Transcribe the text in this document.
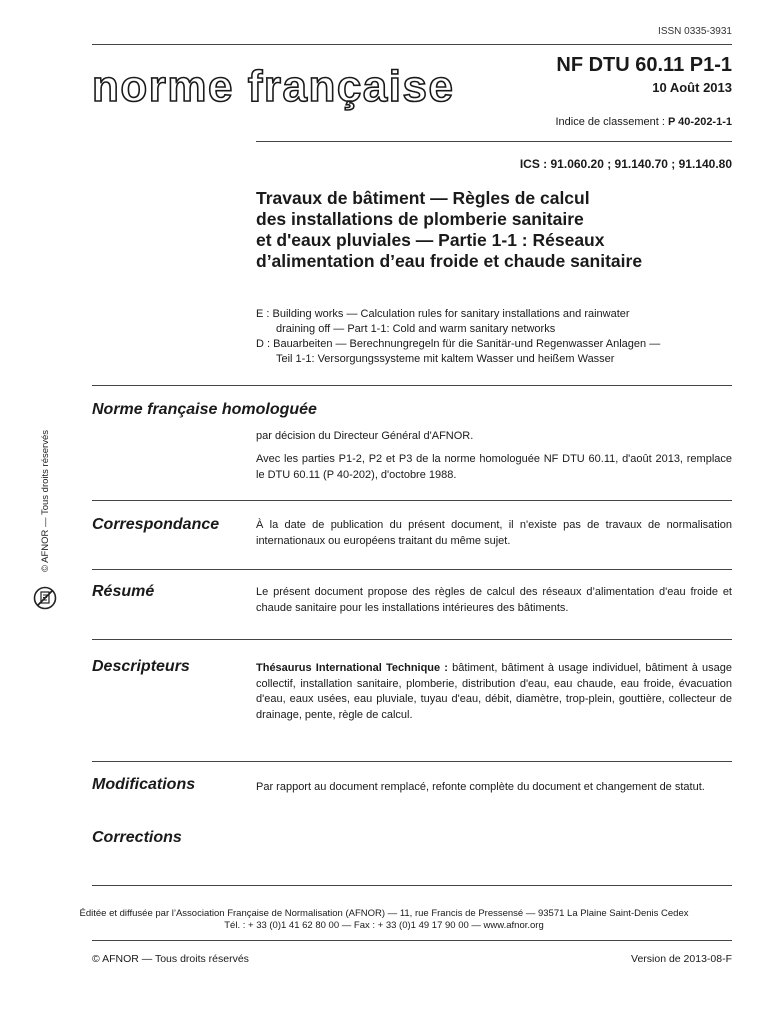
ISSN 0335-3931
norme française	NF DTU 60.11 P1-1
10 Août 2013
Indice de classement : P 40-202-1-1
ICS : 91.060.20 ; 91.140.70 ; 91.140.80
Travaux de bâtiment — Règles de calcul
des installations de plomberie sanitaire
et d'eaux pluviales — Partie 1-1 : Réseaux
d’alimentation d’eau froide et chaude sanitaire
E : Building works — Calculation rules for sanitary installations and rainwater
draining off — Part 1-1: Cold and warm sanitary networks
D : Bauarbeiten — Berechnungregeln für die Sanitär-und Regenwasser Anlagen —
Teil 1-1: Versorgungssysteme mit kaltem Wasser und heißem Wasser
Norme française homologuée
par décision du Directeur Général d'AFNOR.
Avec les parties P1-2, P2 et P3 de la norme homologuée NF DTU 60.11, d'août 2013, remplace le DTU 60.11 (P 40-202), d'octobre 1988.
Correspondance	À la date de publication du présent document, il n'existe pas de travaux de normalisation internationaux ou européens traitant du même sujet.
Résumé	Le présent document propose des règles de calcul des réseaux d’alimentation d'eau froide et chaude sanitaire pour les installations intérieures des bâtiments.
Descripteurs	Thésaurus International Technique : bâtiment, bâtiment à usage individuel, bâtiment à usage collectif, installation sanitaire, plomberie, distribution d'eau, eau chaude, eau froide, évacuation d'eau, eaux usées, eau pluviale, tuyau d'eau, débit, diamètre, trop-plein, gouttière, collecteur de drainage, pente, règle de calcul.
Modifications	Par rapport au document remplacé, refonte complète du document et changement de statut.
Corrections
© AFNOR — Tous droits réservés
Éditée et diffusée par l’Association Française de Normalisation (AFNOR) — 11, rue Francis de Pressensé — 93571 La Plaine Saint-Denis Cedex
Tél. : + 33 (0)1 41 62 80 00 — Fax : + 33 (0)1 49 17 90 00 — www.afnor.org
© AFNOR — Tous droits réservés	Version de 2013-08-F
